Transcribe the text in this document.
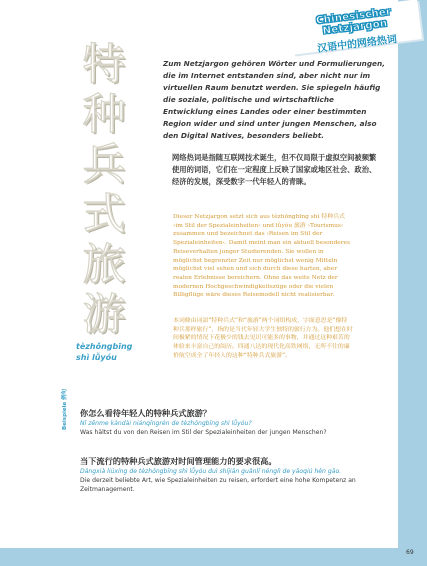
Chinesischer Netzjargon
汉语中的网络热词
特
种
兵
式
旅
游
tèzhǒngbīng
shì lǚyóu
Zum Netzjargon gehören Wörter und Formulierungen, die im Internet entstanden sind, aber nicht nur im virtuellen Raum benutzt werden. Sie spiegeln häufig die soziale, politische und wirtschaftliche Entwicklung eines Landes oder einer bestimmten Region wider und sind unter jungen Menschen, also den Digital Natives, besonders beliebt.
网络热词是指随互联网技术诞生，但不仅局限于虚拟空间被频繁使用的词语，它们在一定程度上反映了国家或地区社会、政治、经济的发展，深受数字一代年轻人的青睐。

Dieser Netzjargon setzt sich aus tèzhǒngbīng shì 特种兵式 ›im Stil der Spezialeinheiten‹ und lǚyóu 旅游 ›Tourismus‹ zusammen und bezeichnet das ›Reisen im Stil der Spezialeinheiten‹. Damit meint man ein aktuell besonderes Reiseverhalten junger Studierenden. Sie wollen in möglichst begrenzter Zeit nur möglichst wenig Mitteln möglichst viel sehen und sich durch diese harten, aber realen Erlebnisse bereichern. Ohne das weite Netz der modernen Hochgeschwindigkeitszüge oder die vielen Billigflüge wäre dieses Reisemodell nicht realisierbar.

本词條由词語“特种兵式”和“旅游”两个词组构成，字面意思是“像特种兵那样旅行”，指的是当代年轻大学生独特的旅行方为。他们想在时间极紧的情况下花极少的钱去见识可能多的事物，并通过这种艰苦的体验来丰富自己的阅历。四通八达的现代化高铁网络，无所不往的廉价航空成全了年轻人的这种“特种兵式旅游”。

Beispiele 例句 你怎么看待年轻人的特种兵式旅游？
Nǐ zěnme kàndài niánqīngrén de tèzhǒngbīng shì lǚyóu?
Was hältst du von den Reisen im Stil der Spezialeinheiten der jungen Menschen?
当下流行的特种兵式旅游对时间管理能力的要求很高。
Dāngxià liúxíng de tèzhǒngbīng shì lǚyóu duì shíjiān guǎnlǐ nénglì de yāoqiú hěn gāo.
Die derzeit beliebte Art, wie Spezialeinheiten zu reisen, erfordert eine hohe Kompetenz an Zeitmanagement.
69
